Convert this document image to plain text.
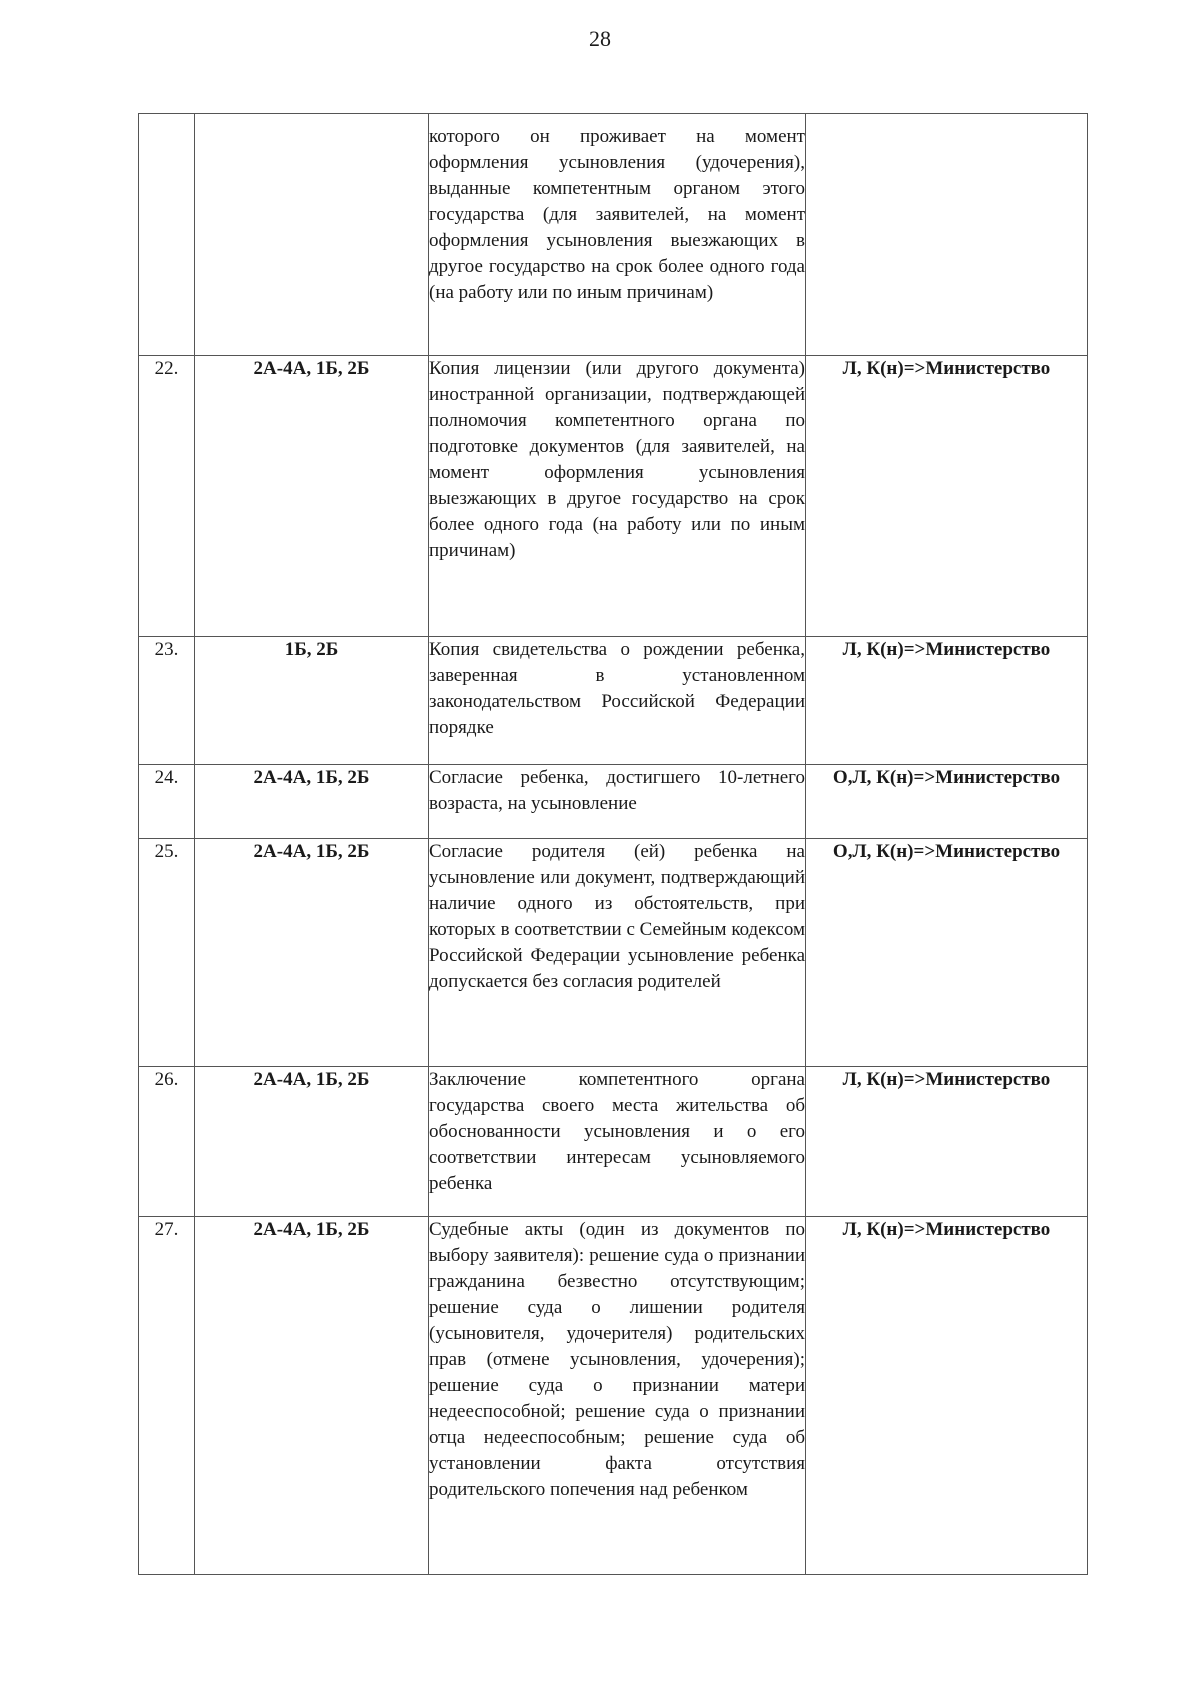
28
		которого он проживает на момент оформления усыновления (удочерения), выданные компетентным органом этого государства (для заявителей, на момент оформления усыновления выезжающих в другое государство на срок более одного года (на работу или по иным причинам)	
22.	2А-4А, 1Б, 2Б	Копия лицензии (или другого документа) иностранной организации, подтверждающей полномочия компетентного органа по подготовке документов (для заявителей, на момент оформления усыновления выезжающих в другое государство на срок более одного года (на работу или по иным причинам)	Л, К(н)=>Министерство
23.	1Б, 2Б	Копия свидетельства о рождении ребенка, заверенная в установленном законодательством Российской Федерации порядке	Л, К(н)=>Министерство
24.	2А-4А, 1Б, 2Б	Согласие ребенка, достигшего 10-летнего возраста, на усыновление	О,Л, К(н)=>Министерство
25.	2А-4А, 1Б, 2Б	Согласие родителя (ей) ребенка на усыновление или документ, подтверждающий наличие одного из обстоятельств, при которых в соответствии с Семейным кодексом Российской Федерации усыновление ребенка допускается без согласия родителей	О,Л, К(н)=>Министерство
26.	2А-4А, 1Б, 2Б	Заключение компетентного органа государства своего места жительства об обоснованности усыновления и о его соответствии интересам усыновляемого ребенка	Л, К(н)=>Министерство
27.	2А-4А, 1Б, 2Б	Судебные акты (один из документов по выбору заявителя): решение суда о признании гражданина безвестно отсутствующим; решение суда о лишении родителя (усыновителя, удочерителя) родительских прав (отмене усыновления, удочерения); решение суда о признании матери недееспособной; решение суда о признании отца недееспособным; решение суда об установлении факта отсутствия родительского попечения над ребенком	Л, К(н)=>Министерство
